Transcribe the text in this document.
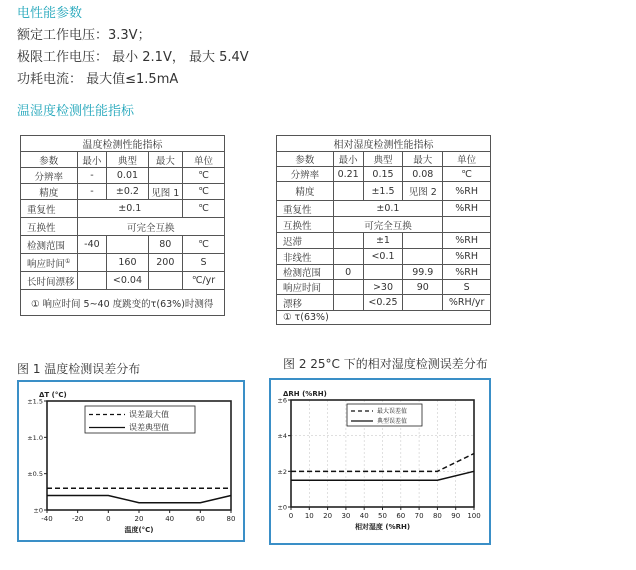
电性能参数
额定工作电压：3.3V；
极限工作电压： 最小 2.1V， 最大 5.4V
功耗电流： 最大值≤1.5mA
温湿度检测性能指标
温度检测性能指标				
参数	最小	典型	最大	单位
分辨率	-	0.01		℃
精度	-	±0.2	见图 1	℃
重复性	±0.1			℃
互换性	可完全互换			
检测范围	-40		80	℃
响应时间①		160	200	S
长时间漂移		<0.04		℃/yr
① 响应时间 5~40 度跳变的τ(63%)时测得				
相对湿度检测性能指标				
参数	最小	典型	最大	单位
分辨率	0.21	0.15	0.08	℃
精度		±1.5	见图 2	%RH
重复性	±0.1			%RH
互换性	可完全互换			
迟滞		±1		%RH
非线性		<0.1		%RH
检测范围	0		99.9	%RH
响应时间		>30	90	S
漂移		<0.25		%RH/yr
① τ(63%)				
图 1 温度检测误差分布	图 2 25°C 下的相对湿度检测误差分布
-40	-20	0	20	40	60	80
±0
±0.5
±1.0
±1.5
ΔT (°C)
温度(°C)
误差最大值
误差典型值
0 10 20 30 40 50 60 70 80 90 100
±0
±2
±4
±6
ΔRH (%RH)
相对湿度 (%RH)
最大误差值
典型误差值
